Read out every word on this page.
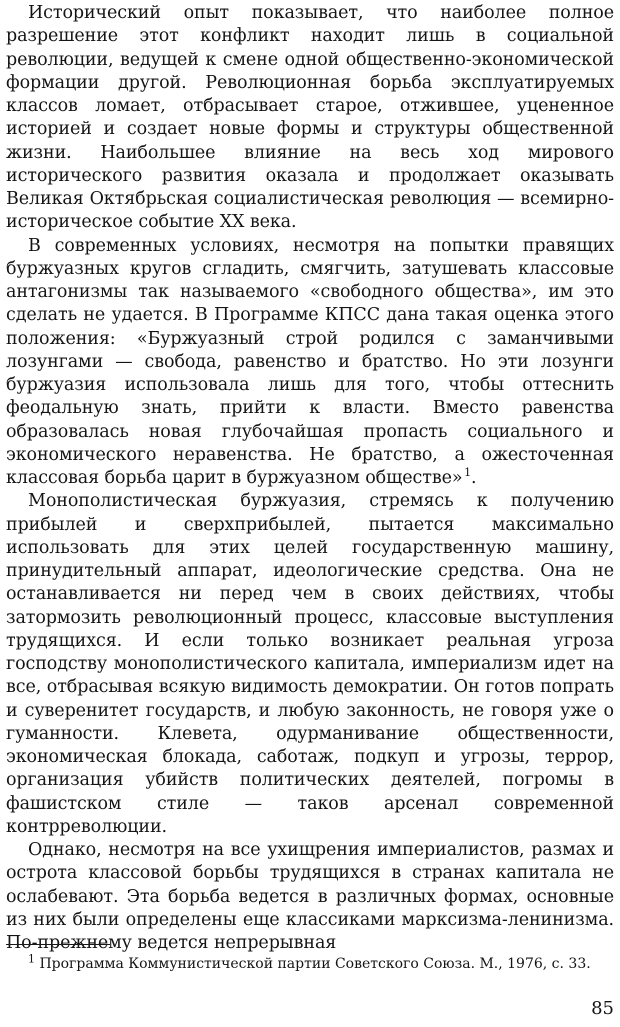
Исторический опыт показывает, что наиболее полное разрешение этот конфликт находит лишь в социальной революции, ведущей к смене одной общественно-экономической формации другой. Революционная борьба эксплуатируемых классов ломает, отбрасывает старое, отжившее, уцененное историей и создает новые формы и структуры общественной жизни. Наибольшее влияние на весь ход мирового исторического развития оказала и продолжает оказывать Великая Октябрьская социалистическая революция — всемирно-историческое событие XX века.

В современных условиях, несмотря на попытки правящих буржуазных кругов сгладить, смягчить, затушевать классовые антагонизмы так называемого «свободного общества», им это сделать не удается. В Программе КПСС дана такая оценка этого положения: «Буржуазный строй родился с заманчивыми лозунгами — свобода, равенство и братство. Но эти лозунги буржуазия использовала лишь для того, чтобы оттеснить феодальную знать, прийти к власти. Вместо равенства образовалась новая глубочайшая пропасть социального и экономического неравенства. Не братство, а ожесточенная классовая борьба царит в буржуазном обществе»  $^1$.

Монополистическая буржуазия, стремясь к получению прибылей и сверхприбылей, пытается максимально использовать для этих целей государственную машину, принудительный аппарат, идеологические средства. Она не останавливается ни перед чем в своих действиях, чтобы затормозить революционный процесс, классовые выступления трудящихся. И если только возникает реальная угроза господству монополистического капитала, империализм идет на все, отбрасывая всякую видимость демократии. Он готов попрать и суверенитет государств, и любую законность, не говоря уже о гуманности. Клевета, одурманивание общественности, экономическая блокада, саботаж, подкуп и угрозы, террор, организация убийств политических деятелей, погромы в фашистском стиле — таков арсенал современной контрреволюции.

Однако, несмотря на все ухищрения империалистов, размах и острота классовой борьбы трудящихся в странах капитала не ослабевают. Эта борьба ведется в различных формах, основные из них были определены еще классиками марксизма-ленинизма. По-прежнему ведется непрерывная

$^1$ Программа Коммунистической партии Советского Союза. М., 1976, с. 33.

85
